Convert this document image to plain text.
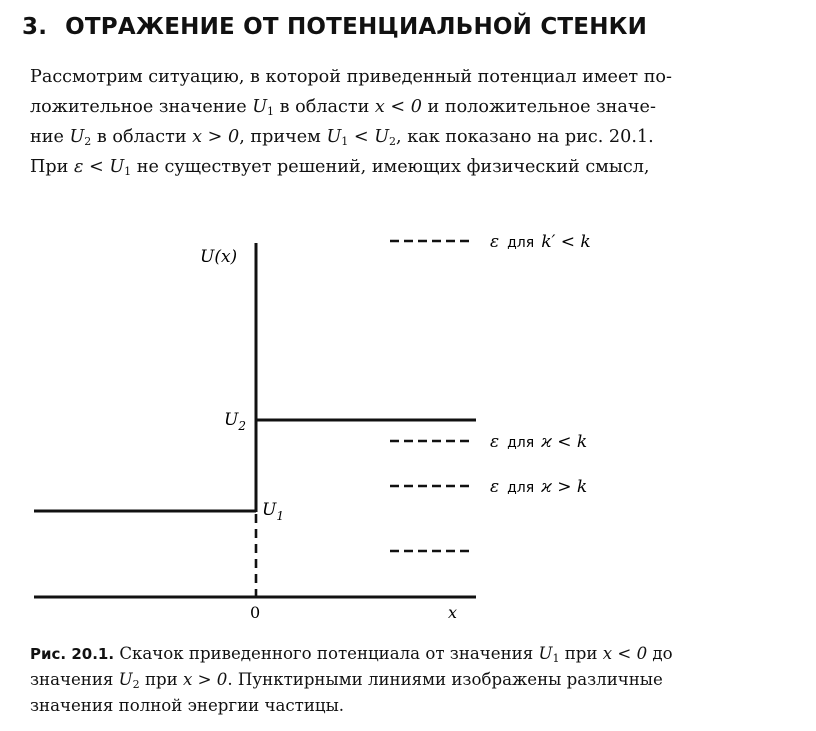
3. ОТРАЖЕНИЕ ОТ ПОТЕНЦИАЛЬНОЙ СТЕНКИ
Рассмотрим ситуацию, в которой приведенный потенциал имеет по-
ложительное значение $U_1$ в области x < 0 и положительное значе-
ние $U_2$ в области x > 0, причем $U_1 < U_2$, как показано на рис. 20.1.
При $\varepsilon < U_1$ не существует решений, имеющих физический смысл,
U(x)
x
0
$U_2$
$U_1$
ε для k′ < k
ε для ϰ < k
ε для ϰ > k
Рис. 20.1. Скачок приведенного потенциала от значения $U_1$ при x < 0 до
значения $U_2$ при x > 0. Пунктирными линиями изображены различные
значения полной энергии частицы.
